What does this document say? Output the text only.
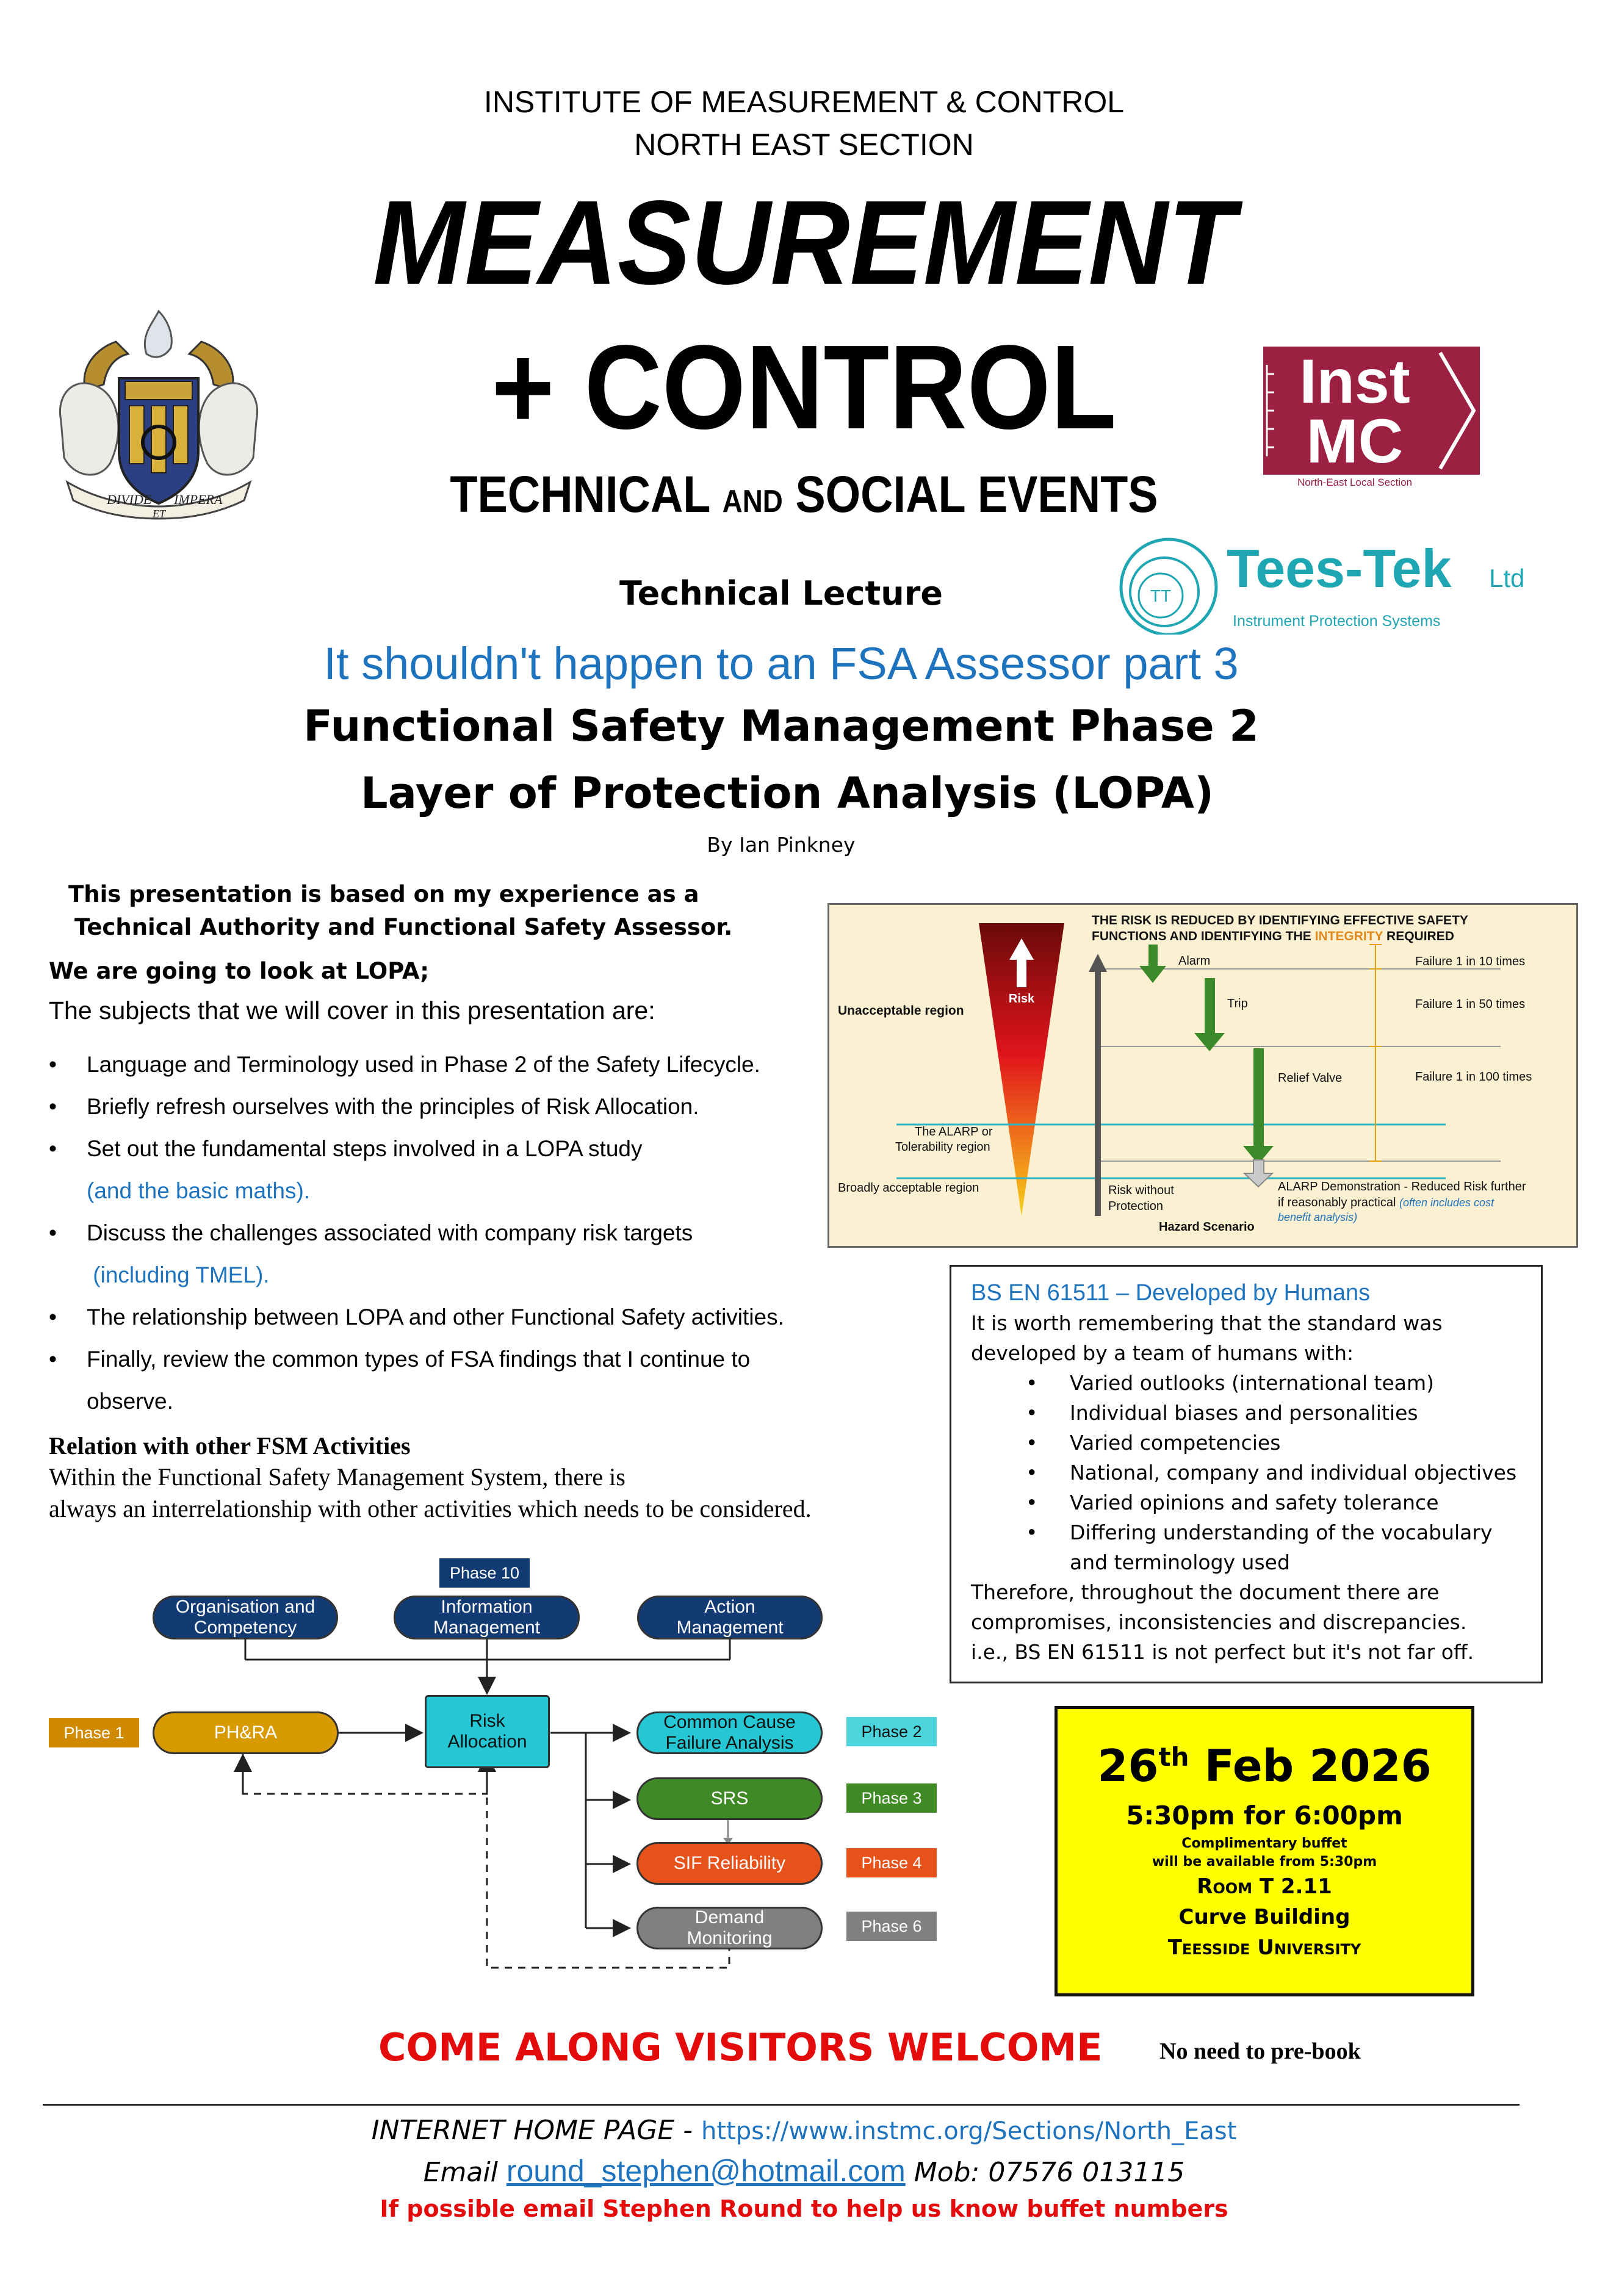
INSTITUTE OF MEASUREMENT & CONTROL
NORTH EAST SECTION
MEASUREMENT
+ CONTROL
TECHNICAL AND SOCIAL EVENTS
DIVIDE IMPERA
ET
Inst
MC
North-East Local Section
TT Tees-Tek Ltd
Instrument Protection Systems
Technical Lecture
It shouldn't happen to an FSA Assessor part 3
Functional Safety Management Phase 2
Layer of Protection Analysis (LOPA)
By Ian Pinkney
This presentation is based on my experience as a
Technical Authority and Functional Safety Assessor.
We are going to look at LOPA;
The subjects that we will cover in this presentation are:
• Language and Terminology used in Phase 2 of the Safety Lifecycle.
• Briefly refresh ourselves with the principles of Risk Allocation.
• Set out the fundamental steps involved in a LOPA study
(and the basic maths).
• Discuss the challenges associated with company risk targets
(including TMEL).
• The relationship between LOPA and other Functional Safety activities.
• Finally, review the common types of FSA findings that I continue to
observe.
Relation with other FSM Activities
Within the Functional Safety Management System, there is
always an interrelationship with other activities which needs to be considered.
THE RISK IS REDUCED BY IDENTIFYING EFFECTIVE SAFETY
FUNCTIONS AND IDENTIFYING THE INTEGRITY REQUIRED
Risk
Unacceptable region
The ALARP or
Tolerability region
Broadly acceptable region
Alarm
Trip
Relief Valve
Failure 1 in 10 times
Failure 1 in 50 times
Failure 1 in 100 times
Risk without
Protection
Hazard Scenario
ALARP Demonstration - Reduced Risk further
if reasonably practical (often includes cost
benefit analysis)
BS EN 61511 – Developed by Humans
It is worth remembering that the standard was
developed by a team of humans with:
• Varied outlooks (international team)
• Individual biases and personalities
• Varied competencies
• National, company and individual objectives
• Varied opinions and safety tolerance
• Differing understanding of the vocabulary
and terminology used
Therefore, throughout the document there are
compromises, inconsistencies and discrepancies.
i.e., BS EN 61511 is not perfect but it's not far off.
Phase 10
Organisation and
Competency
Information
Management
Action
Management
Phase 1	PH&RA
Risk
Allocation
Common Cause
Failure Analysis
Phase 2
SRS	Phase 3
SIF Reliability	Phase 4
Demand
Monitoring
Phase 6
26th Feb 2026
5:30pm for 6:00pm
Complimentary buffet
will be available from 5:30pm
Room T 2.11
Curve Building
Teesside University
COME ALONG VISITORS WELCOME No need to pre-book
INTERNET HOME PAGE - https://www.instmc.org/Sections/North_East
Email round_stephen@hotmail.com Mob: 07576 013115
If possible email Stephen Round to help us know buffet numbers
